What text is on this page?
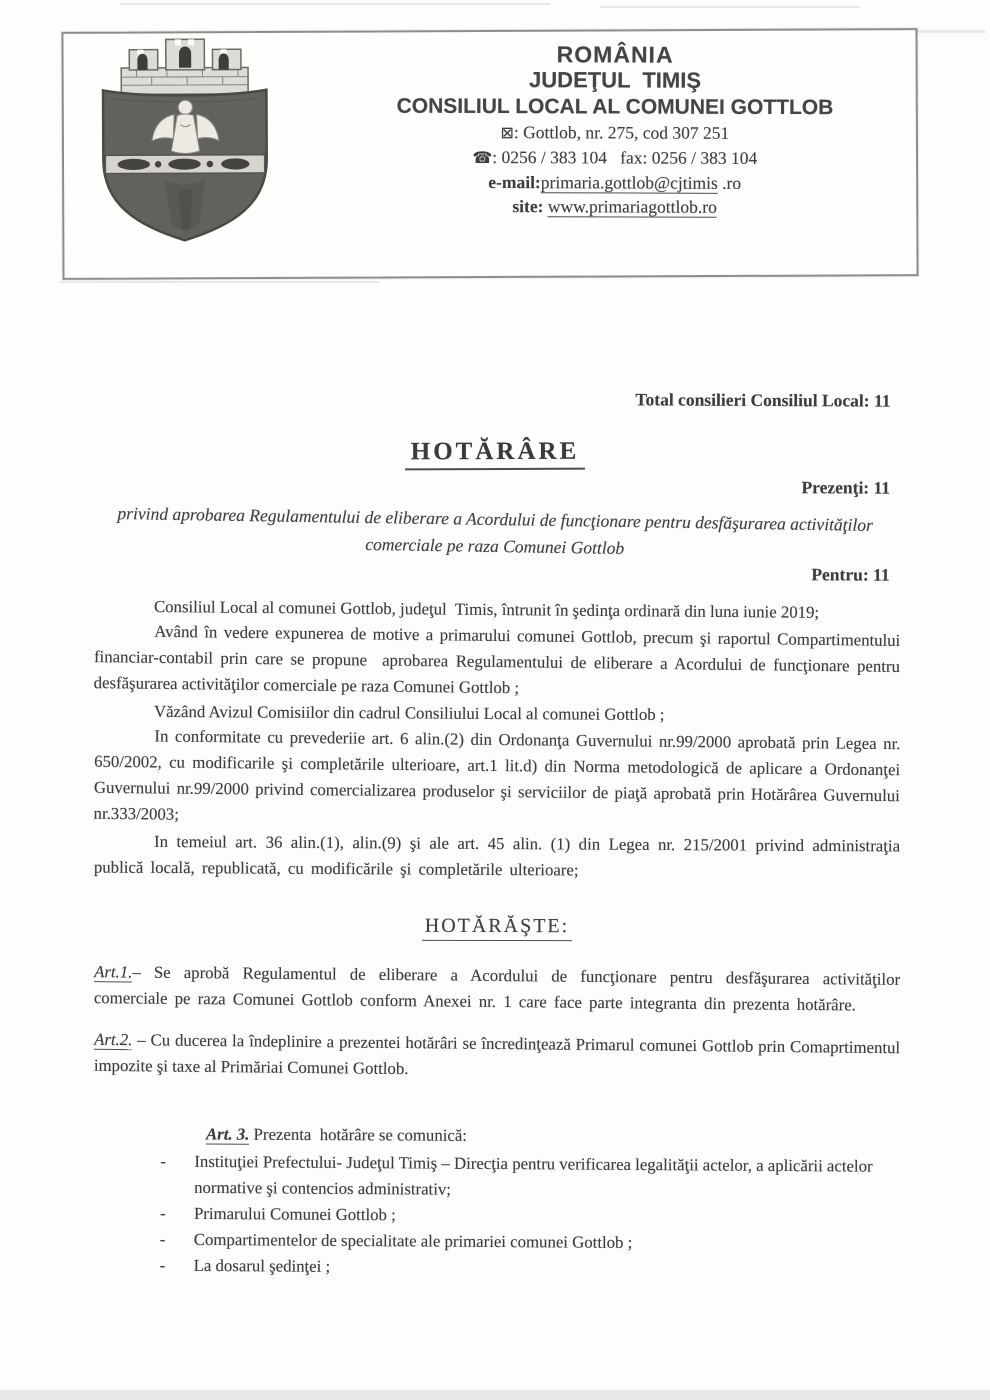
ROMÂNIA
JUDEŢUL  TIMIŞ
CONSILIUL LOCAL AL COMUNEI GOTTLOB
⊠: Gottlob, nr. 275, cod 307 251
☎: 0256 / 383 104   fax: 0256 / 383 104
e-mail:primaria.gottlob@cjtimis .ro
site: www.primariagottlob.ro

Total consilieri Consiliul Local: 11

Prezenţi: 11

Pentru: 11

HOTĂRÂRE
privind aprobarea Regulamentului de eliberare a Acordului de funcţionare pentru desfăşurarea activităţilor comerciale pe raza Comunei Gottlob

Consiliul Local al comunei Gottlob, judeţul  Timis, întrunit în şedinţa ordinară din luna iunie 2019;

Având în vedere expunerea de motive a primarului comunei Gottlob, precum şi raportul Compartimentului financiar-contabil prin care se propune  aprobarea Regulamentului de eliberare a Acordului de funcţionare pentru desfăşurarea activităţilor comerciale pe raza Comunei Gottlob ;

Văzând Avizul Comisiilor din cadrul Consiliului Local al comunei Gottlob ;

In conformitate cu prevederiie art. 6 alin.(2) din Ordonanţa Guvernului nr.99/2000 aprobată prin Legea nr. 650/2002, cu modificarile şi completările ulterioare, art.1 lit.d) din Norma metodologică de aplicare a Ordonanţei Guvernului nr.99/2000 privind comercializarea produselor şi serviciilor de piaţă aprobată prin Hotărârea Guvernului nr.333/2003;

In temeiul art. 36 alin.(1), alin.(9) şi ale art. 45 alin. (1) din Legea nr. 215/2001 privind administraţia publică locală, republicată, cu modificările şi completările ulterioare;

HOTĂRĂŞTE:

Art.1.– Se aprobă Regulamentul de eliberare a Acordului de funcţionare pentru desfăşurarea activităţilor comerciale pe raza Comunei Gottlob conform Anexei nr. 1 care face parte integranta din prezenta hotărâre.

Art.2. – Cu ducerea la îndeplinire a prezentei hotărâri se încredinţează Primarul comunei Gottlob prin Comaprtimentul impozite şi taxe al Primăriai Comunei Gottlob.

Art. 3. Prezenta  hotărâre se comunică:

-	Instituţiei Prefectului- Judeţul Timiş – Direcţia pentru verificarea legalităţii actelor, a aplicării actelor normative şi contencios administrativ;
-	Primarului Comunei Gottlob ;
-	Compartimentelor de specialitate ale primariei comunei Gottlob ;
-	La dosarul şedinţei ;
